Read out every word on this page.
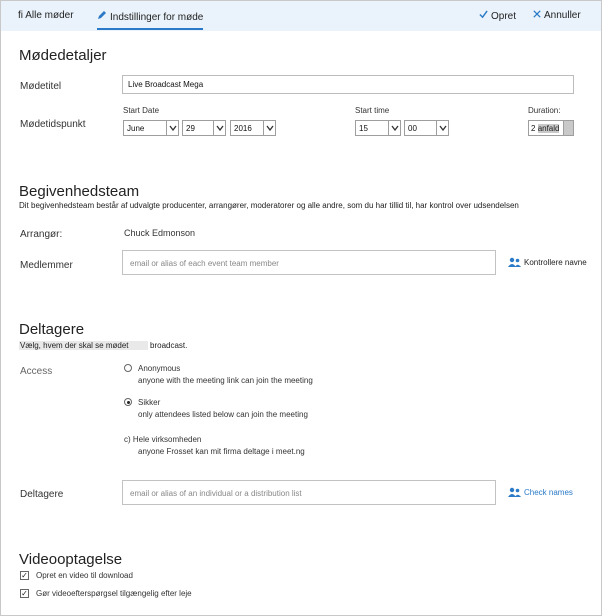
fi Alle møder	Indstillinger for møde	Opret	Annuller
Mødedetaljer
Mødetitel	Live Broadcast Mega
Mødetidspunkt
Start Date
June	29	2016
Start time
15	00
Duration:
2 anfald
Begivenhedsteam
Dit begivenhedsteam består af udvalgte producenter, arrangører, moderatorer og alle andre, som du har tillid til, har kontrol over udsendelsen
Arrangør:	Chuck Edmonson
Medlemmer	email or alias of each event team member	Kontrollere navne
Deltagere
Vælg, hvem der skal se mødet	broadcast.
Access	Anonymous
anyone with the meeting link can join the meeting
Sikker
only attendees listed below can join the meeting
c) Hele virksomheden
anyone Frosset kan mit firma deltage i meet.ng
Deltagere	email or alias of an individual or a distribution list	Check names
Videooptagelse
✓ Opret en video til download
✓ Gør videoefterspørgsel tilgængelig efter leje
